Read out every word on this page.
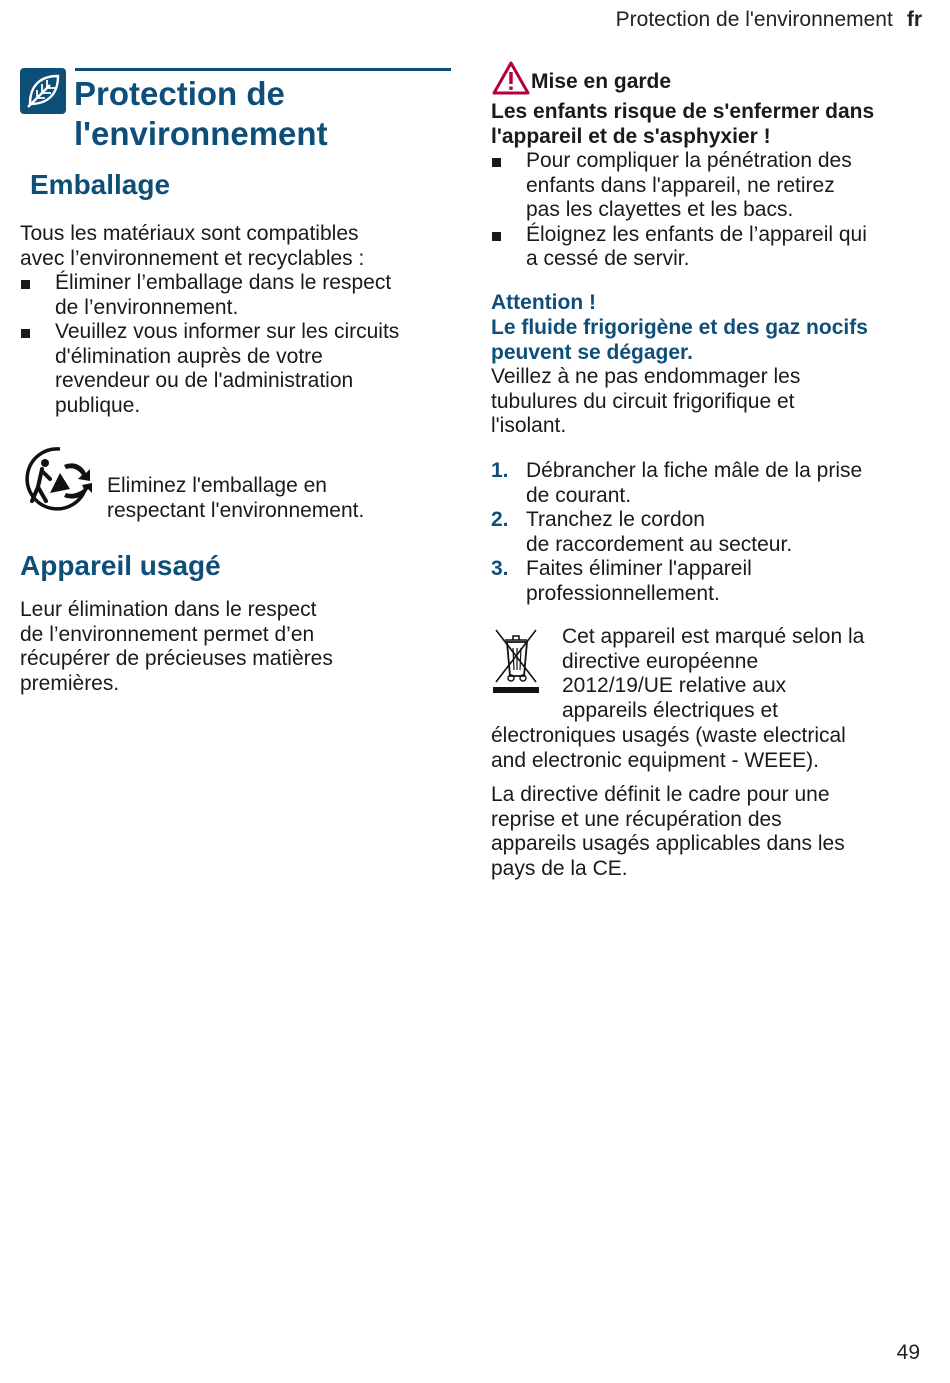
Protection de l'environnement fr
Protection de
l'environnement
Emballage

Tous les matériaux sont compatibles
avec l’environnement et recyclables :

Éliminer l’emballage dans le respect
de l’environnement.
Veuillez vous informer sur les circuits
d'élimination auprès de votre
revendeur ou de l'administration
publique.

Eliminez l'emballage en
respectant l'environnement.

Appareil usagé

Leur élimination dans le respect
de l’environnement permet d’en
récupérer de précieuses matières
premières.

Mise en garde

Les enfants risque de s'enfermer dans
l'appareil et de s'asphyxier !

Pour compliquer la pénétration des
enfants dans l'appareil, ne retirez
pas les clayettes et les bacs.
Éloignez les enfants de l’appareil qui
a cessé de servir.

Attention !

Le fluide frigorigène et des gaz nocifs
peuvent se dégager.

Veillez à ne pas endommager les
tubulures du circuit frigorifique et
l'isolant.

1. Débrancher la fiche mâle de la prise
de courant.
2. Tranchez le cordon
de raccordement au secteur.
3. Faites éliminer l'appareil
professionnellement.

Cet appareil est marqué selon la
directive européenne
2012/19/UE relative aux
appareils électriques et

électroniques usagés (waste electrical
and electronic equipment - WEEE).

La directive définit le cadre pour une
reprise et une récupération des
appareils usagés applicables dans les
pays de la CE.

49
